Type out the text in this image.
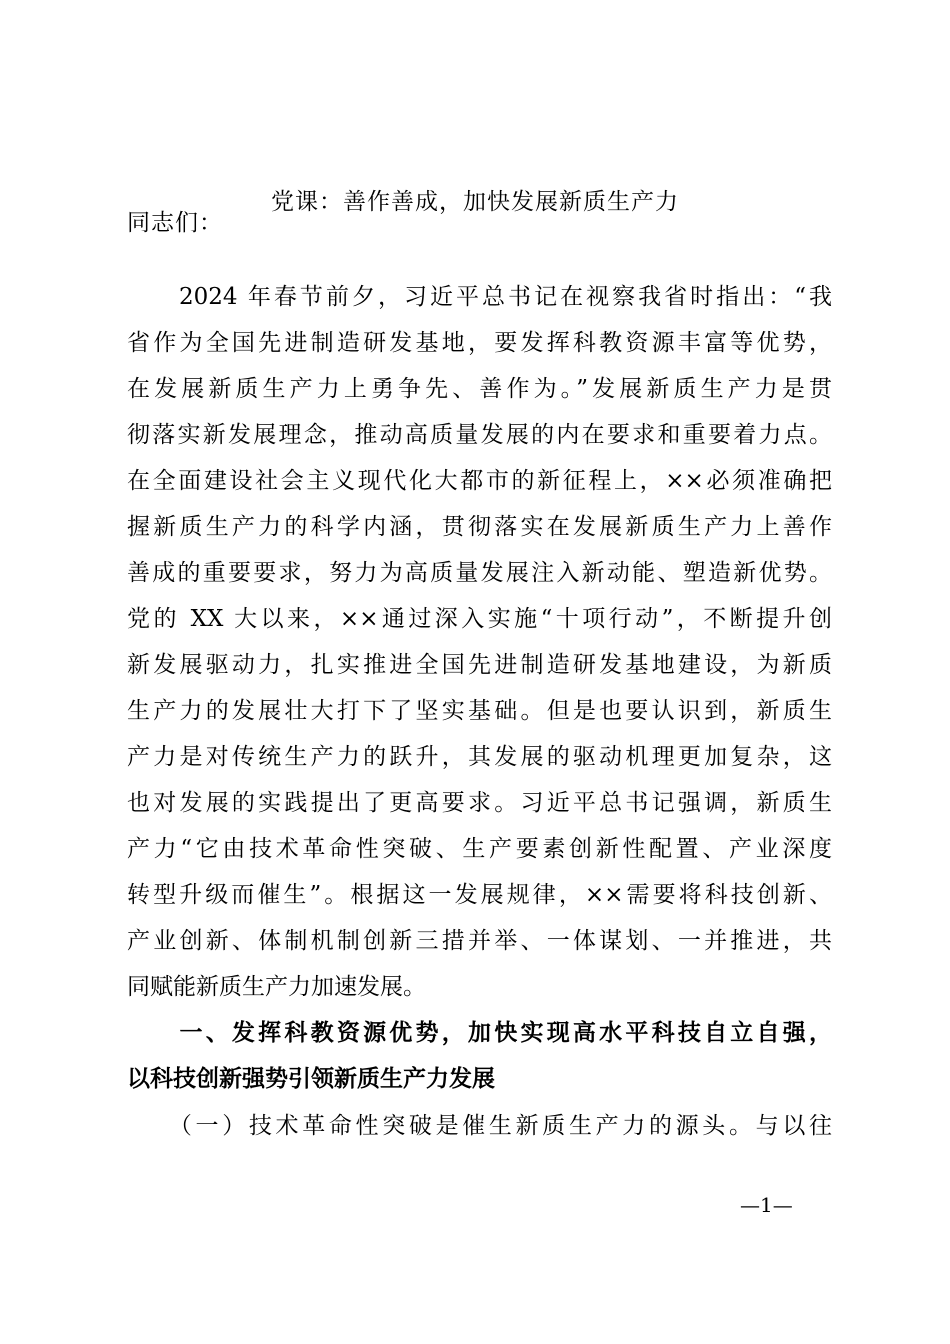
党课：善作善成，加快发展新质生产力
同志们：
　　2024 年春节前夕，习近平总书记在视察我省时指出：“我
省作为全国先进制造研发基地，要发挥科教资源丰富等优势，
在发展新质生产力上勇争先、善作为。”发展新质生产力是贯
彻落实新发展理念，推动高质量发展的内在要求和重要着力点。
在全面建设社会主义现代化大都市的新征程上，××必须准确把
握新质生产力的科学内涵，贯彻落实在发展新质生产力上善作
善成的重要要求，努力为高质量发展注入新动能、塑造新优势。
党的 XX 大以来，××通过深入实施“十项行动”，不断提升创
新发展驱动力，扎实推进全国先进制造研发基地建设，为新质
生产力的发展壮大打下了坚实基础。但是也要认识到，新质生
产力是对传统生产力的跃升，其发展的驱动机理更加复杂，这
也对发展的实践提出了更高要求。习近平总书记强调，新质生
产力“它由技术革命性突破、生产要素创新性配置、产业深度
转型升级而催生”。根据这一发展规律，××需要将科技创新、
产业创新、体制机制创新三措并举、一体谋划、一并推进，共
同赋能新质生产力加速发展。
　　一、发挥科教资源优势，加快实现高水平科技自立自强，
以科技创新强势引领新质生产力发展
　　（一）技术革命性突破是催生新质生产力的源头。与以往
—1—
